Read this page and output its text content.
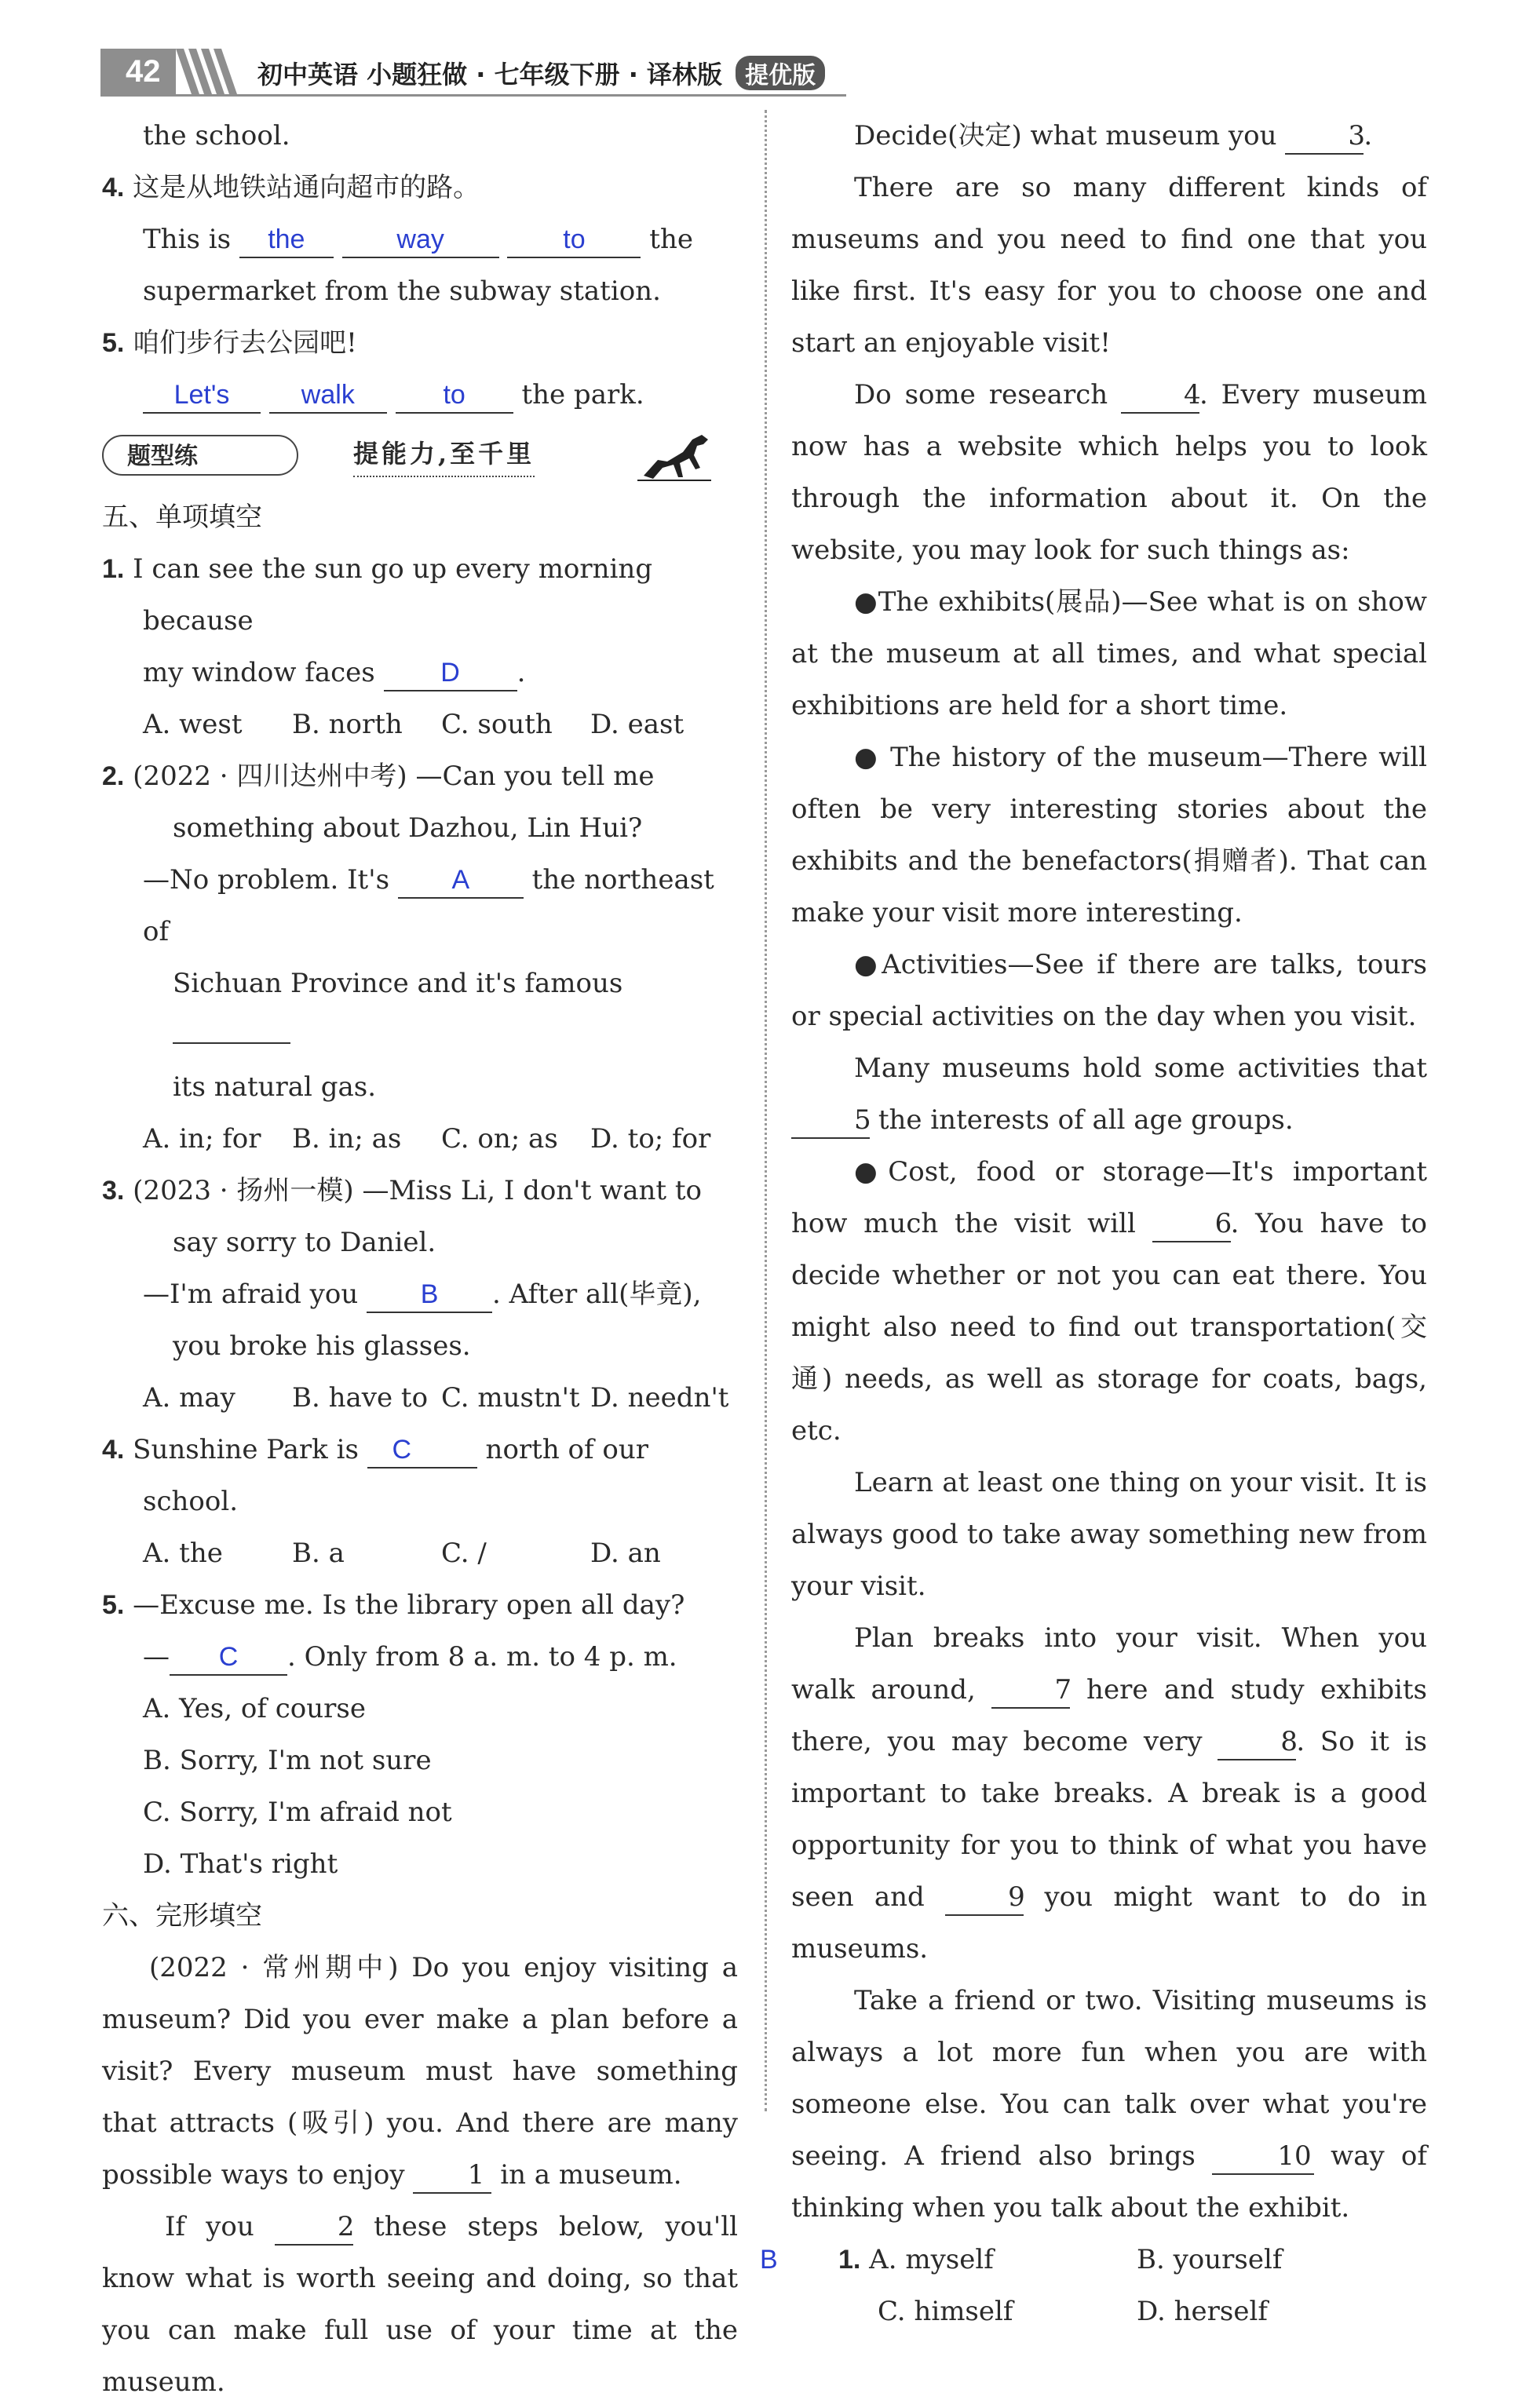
42	初中英语 小题狂做 · 七年级下册 · 译林版 提优版

the school.

4. 这是从地铁站通向超市的路。

This is the	way	to the

supermarket from the subway station.

5. 咱们步行去公园吧!

Let's	walk	to the park.

题型练	提能力,至千里

五、单项填空

1. I can see the sun go up every morning because

my window faces D .

A. west	B. north	C. south	D. east

2. (2022 · 四川达州中考) —Can you tell me

something about Dazhou, Lin Hui?

—No problem. It's A the northeast of

Sichuan Province and it's famous

its natural gas.

A. in; for	B. in; as	C. on; as	D. to; for

3. (2023 · 扬州一模) —Miss Li, I don't want to

say sorry to Daniel.

—I'm afraid you B . After all(毕竟),

you broke his glasses.

A. may	B. have to C. mustn't D. needn't

4. Sunshine Park is C	north of our school.

A. the	B. a	C. /	D. an

5. —Excuse me. Is the library open all day?

— C . Only from 8 a. m. to 4 p. m.

A. Yes, of course

B. Sorry, I'm not sure

C. Sorry, I'm afraid not

D. That's right

六、完形填空

(2022 · 常州期中) Do you enjoy visiting a museum? Did you ever make a plan before a visit? Every museum must have something that attracts (吸引) you. And there are many possible ways to enjoy 1 in a museum.

If you	2 these steps below, you'll know what is worth seeing and doing, so that you can make full use of your time at the museum.

Decide(决定) what museum you	3.

There are so many different kinds of museums and you need to find one that you like first. It's easy for you to choose one and start an enjoyable visit!

Do some research	4. Every museum now has a website which helps you to look through the information about it. On the website, you may look for such things as:

●The exhibits(展品)—See what is on show at the museum at all times, and what special exhibitions are held for a short time.

● The history of the museum—There will often be very interesting stories about the exhibits and the benefactors(捐赠者). That can make your visit more interesting.

●Activities—See if there are talks, tours or special activities on the day when you visit.

Many museums hold some activities that 5 the interests of all age groups.

●Cost, food or storage—It's important how much the visit will	6. You have to decide whether or not you can eat there. You might also need to find out transportation(交通) needs, as well as storage for coats, bags, etc.

Learn at least one thing on your visit. It is always good to take away something new from your visit.

Plan breaks into your visit. When you walk around,	7 here and study exhibits there, you may become very	8. So it is important to take breaks. A break is a good opportunity for you to think of what you have seen and	9 you might want to do in museums.

Take a friend or two. Visiting museums is always a lot more fun when you are with someone else. You can talk over what you're seeing. A friend also brings	10 way of thinking when you talk about the exhibit.

B 1. A. myself	B. yourself
C. himself	D. herself
